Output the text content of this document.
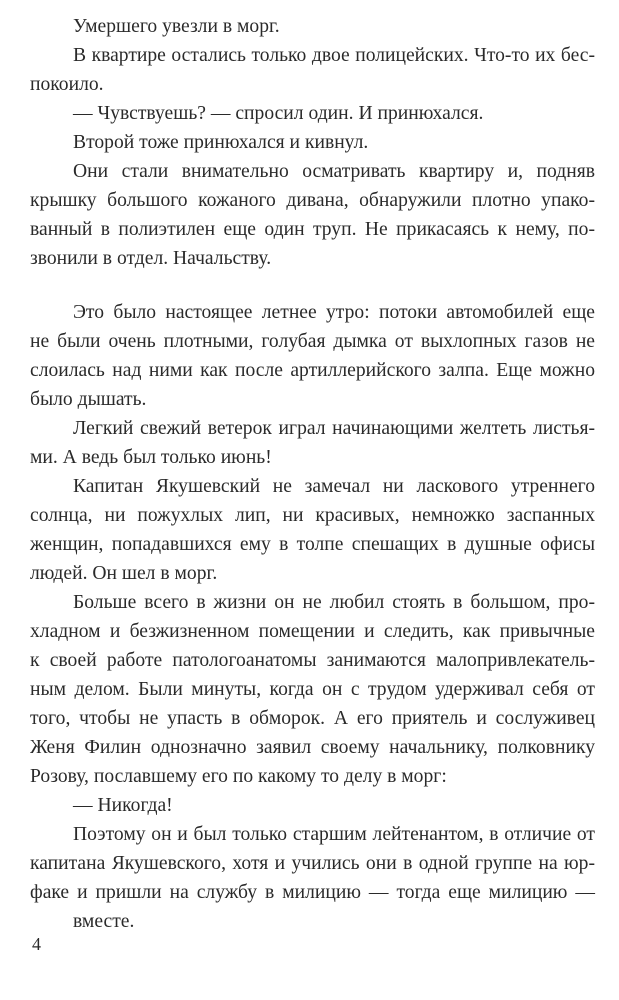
Умершего увезли в морг.
В квартире остались только двое полицейских. Что-то их бес-
покоило.
— Чувствуешь? — спросил один. И принюхался.
Второй тоже принюхался и кивнул.
Они стали внимательно осматривать квартиру и, подняв
крышку большого кожаного дивана, обнаружили плотно упако-
ванный в полиэтилен еще один труп. Не прикасаясь к нему, по-
звонили в отдел. Начальству.
Это было настоящее летнее утро: потоки автомобилей еще
не были очень плотными, голубая дымка от выхлопных газов не
слоилась над ними как после артиллерийского залпа. Еще можно
было дышать.
Легкий свежий ветерок играл начинающими желтеть листья-
ми. А ведь был только июнь!
Капитан Якушевский не замечал ни ласкового утреннего
солнца, ни пожухлых лип, ни красивых, немножко заспанных
женщин, попадавшихся ему в толпе спешащих в душные офисы
людей. Он шел в морг.
Больше всего в жизни он не любил стоять в большом, про-
хладном и безжизненном помещении и следить, как привычные
к своей работе патологоанатомы занимаются малопривлекатель-
ным делом. Были минуты, когда он с трудом удерживал себя от
того, чтобы не упасть в обморок. А его приятель и сослуживец
Женя Филин однозначно заявил своему начальнику, полковнику
Розову, пославшему его по какому то делу в морг:
— Никогда!
Поэтому он и был только старшим лейтенантом, в отличие от
капитана Якушевского, хотя и учились они в одной группе на юр-
факе и пришли на службу в милицию — тогда еще милицию —
вместе.
4
